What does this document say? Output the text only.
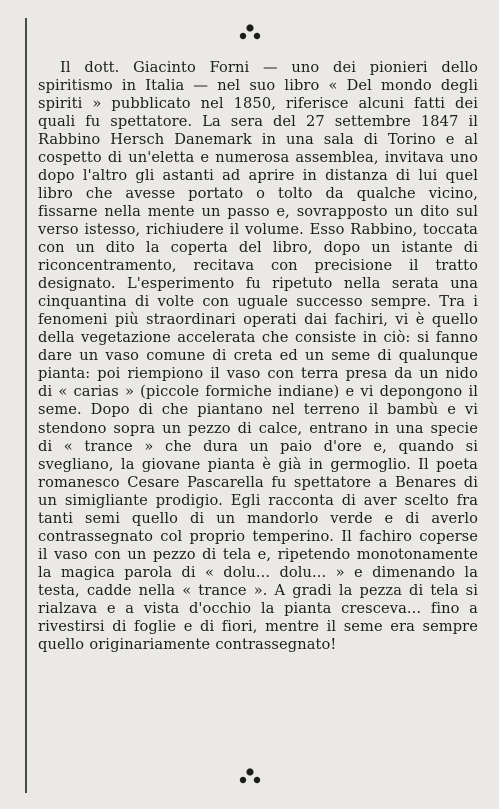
Il dott. Giacinto Forni — uno dei pionieri dello spiritismo in Italia — nel suo libro « Del mondo degli spiriti » pubblicato nel 1850, riferisce alcuni fatti dei quali fu spettatore. La sera del 27 settembre 1847 il Rabbino Hersch Danemark in una sala di Torino e al cospetto di un'eletta e numerosa assemblea, invitava uno dopo l'altro gli astanti ad aprire in distanza di lui quel libro che avesse portato o tolto da qualche vicino, fissarne nella mente un passo e, sovrapposto un dito sul verso istesso, richiudere il volume. Esso Rabbino, toccata con un dito la coperta del libro, dopo un istante di riconcentramento, recitava con precisione il tratto designato. L'esperimento fu ripetuto nella serata una cinquantina di volte con uguale successo sempre. Tra i fenomeni più straordinari operati dai fachiri, vi è quello della vegetazione accelerata che consiste in ciò: si fanno dare un vaso comune di creta ed un seme di qualunque pianta: poi riempiono il vaso con terra presa da un nido di « carias » (piccole formiche indiane) e vi depongono il seme. Dopo di che piantano nel terreno il bambù e vi stendono sopra un pezzo di calce, entrano in una specie di « trance » che dura un paio d'ore e, quando si svegliano, la giovane pianta è già in germoglio. Il poeta romanesco Cesare Pascarella fu spettatore a Benares di un simigliante prodigio. Egli racconta di aver scelto fra tanti semi quello di un mandorlo verde e di averlo contrassegnato col proprio temperino. Il fachiro coperse il vaso con un pezzo di tela e, ripetendo monotonamente la magica parola di « dolu... dolu... » e dimenando la testa, cadde nella « trance ». A gradi la pezza di tela si rialzava e a vista d'occhio la pianta cresceva... fino a rivestirsi di foglie e di fiori, mentre il seme era sempre quello originariamente contrassegnato!
